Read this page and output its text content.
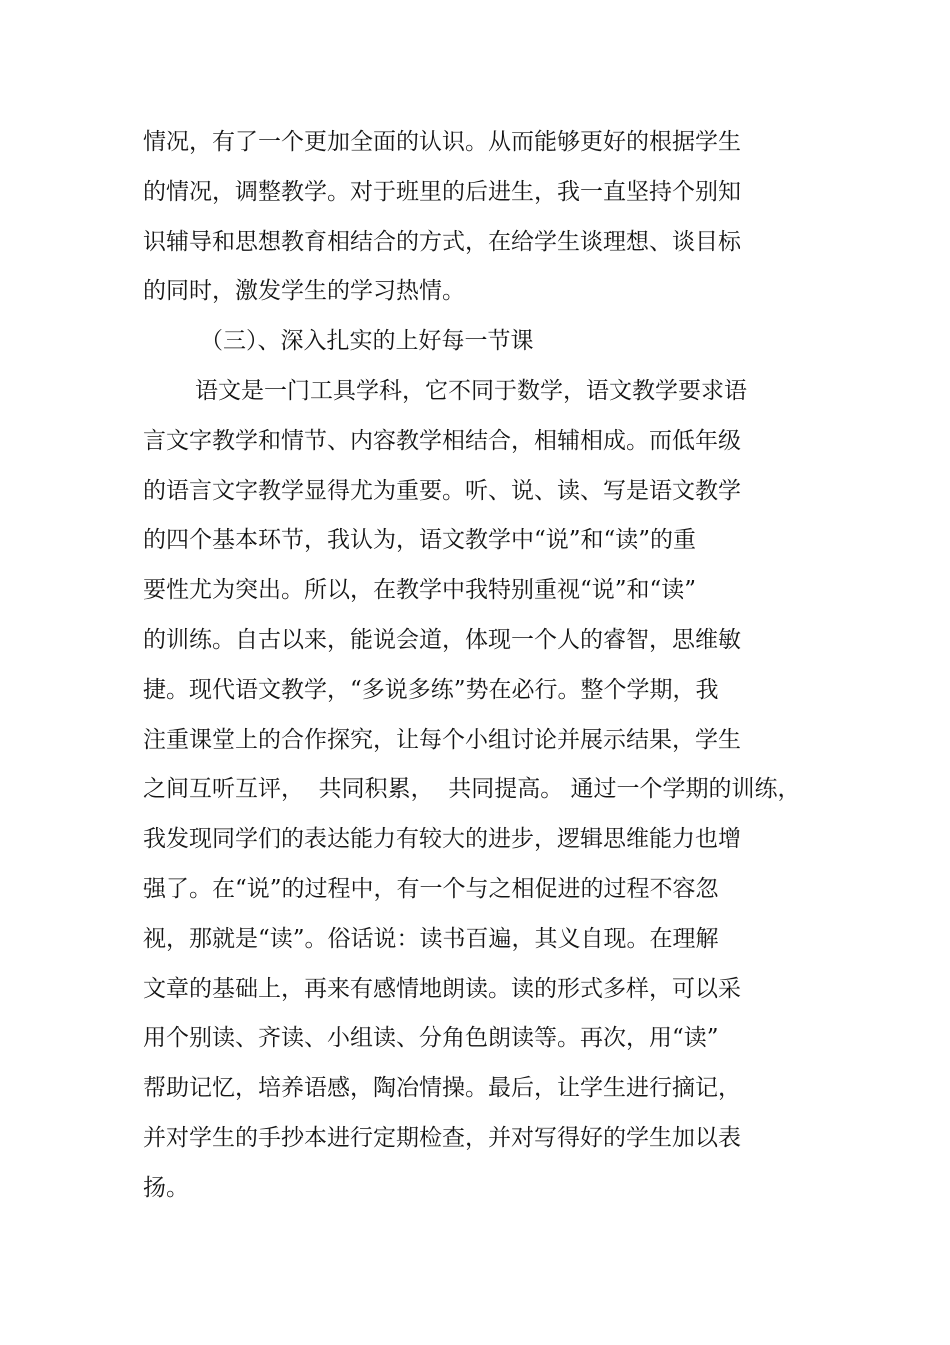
情况，有了一个更加全面的认识。从而能够更好的根据学生
的情况，调整教学。对于班里的后进生，我一直坚持个别知
识辅导和思想教育相结合的方式，在给学生谈理想、谈目标
的同时，激发学生的学习热情。
（三）、深入扎实的上好每一节课
语文是一门工具学科，它不同于数学，语文教学要求语
言文字教学和情节、内容教学相结合，相辅相成。而低年级
的语言文字教学显得尤为重要。听、说、读、写是语文教学
的四个基本环节，我认为，语文教学中“说”和“读”的重
要性尤为突出。所以，在教学中我特别重视“说”和“读”
的训练。自古以来，能说会道，体现一个人的睿智，思维敏
捷。现代语文教学，“多说多练”势在必行。整个学期，我
注重课堂上的合作探究，让每个小组讨论并展示结果，学生
之间互听互评，  共同积累，  共同提高。 通过一个学期的训练，
我发现同学们的表达能力有较大的进步，逻辑思维能力也增
强了。在“说”的过程中，有一个与之相促进的过程不容忽
视，那就是“读”。俗话说：读书百遍，其义自现。在理解
文章的基础上，再来有感情地朗读。读的形式多样，可以采
用个别读、齐读、小组读、分角色朗读等。再次，用“读”
帮助记忆，培养语感，陶冶情操。最后，让学生进行摘记，
并对学生的手抄本进行定期检查，并对写得好的学生加以表
扬。
